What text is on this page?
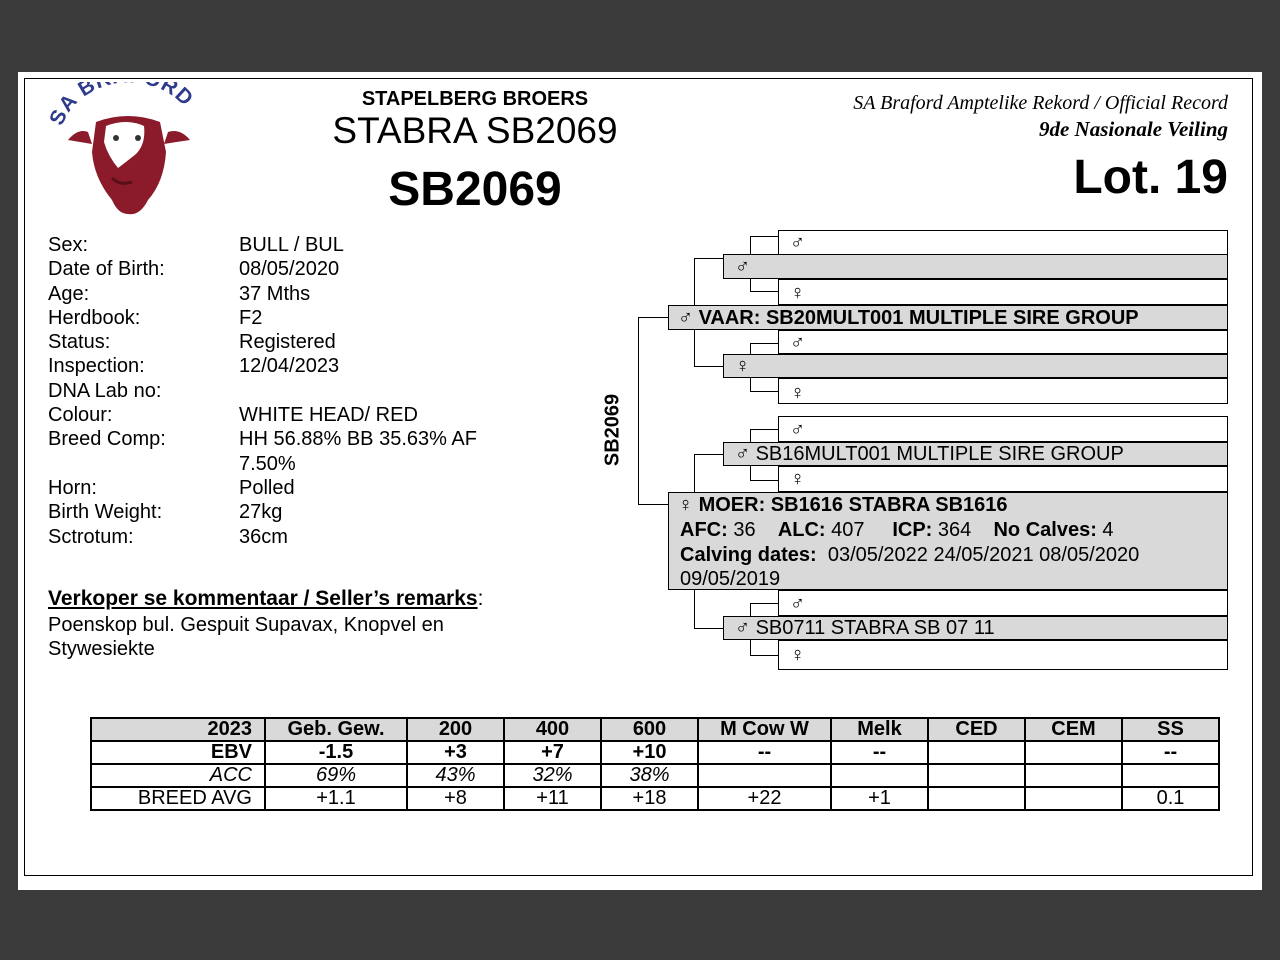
A B RD	STAPELBERG BROERS
STABRA SB2069
SB2069
SA Braford Amptelike Rekord / Official Record
9de Nasionale Veiling
Lot. 19
Sex:	BULL / BUL
Date of Birth:	08/05/2020
Age:	37 Mths
Herdbook:	F2
Status:	Registered
Inspection:	12/04/2023
DNA Lab no:
Colour:	WHITE HEAD/ RED
Breed Comp:	HH 56.88% BB 35.63% AF 7.50%
Horn:	Polled
Birth Weight:	27kg
Sctrotum:	36cm
Verkoper se kommentaar / Seller’s remarks:
Poenskop bul. Gespuit Supavax, Knopvel en Stywesiekte
SB2069
♂
♀
♂
♀
♂
♀
♂
♀
♂
♀
♂ SB16MULT001 MULTIPLE SIRE GROUP
♂ SB0711 STABRA SB 07 11
♂ VAAR: SB20MULT001 MULTIPLE SIRE GROUP
♀ MOER: SB1616 STABRA SB1616
AFC: 36 ALC: 407 ICP: 364 No Calves: 4
Calving dates: 03/05/2022 24/05/2021 08/05/2020
09/05/2019
2023	Geb. Gew.	200	400	600	M Cow W	Melk	CED	CEM	SS
EBV	-1.5	+3	+7	+10	--	--			--
ACC	69%	43%	32%	38%					
BREED AVG	+1.1	+8	+11	+18	+22	+1			0.1
